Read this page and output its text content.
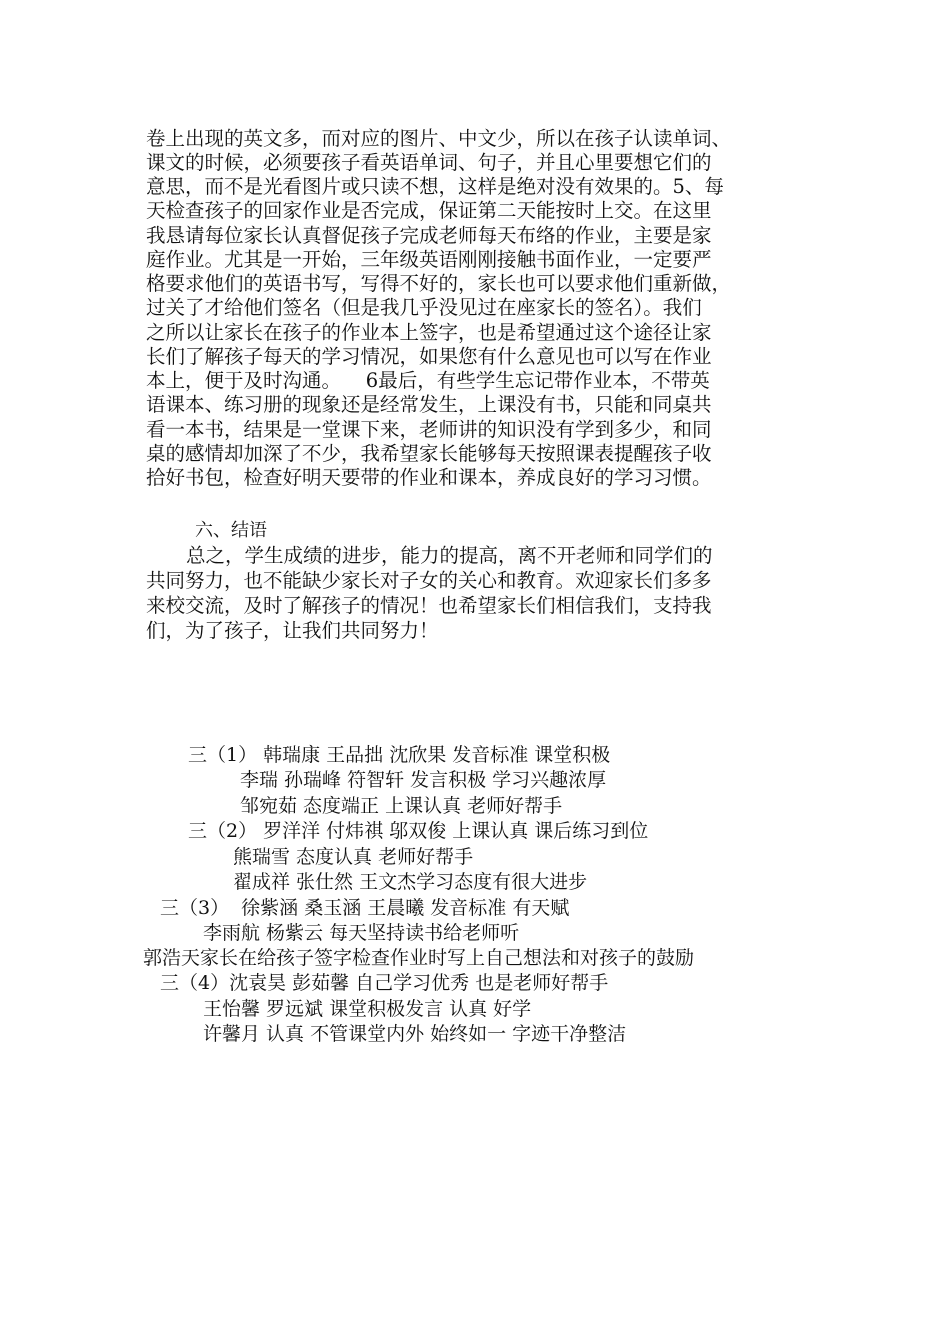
卷上出现的英文多，而对应的图片、中文少，所以在孩子认读单词、
课文的时候，必须要孩子看英语单词、句子，并且心里要想它们的
意思，而不是光看图片或只读不想，这样是绝对没有效果的。5、每
天检查孩子的回家作业是否完成，保证第二天能按时上交。在这里
我恳请每位家长认真督促孩子完成老师每天布络的作业，主要是家
庭作业。尤其是一开始，三年级英语刚刚接触书面作业，一定要严
格要求他们的英语书写，写得不好的，家长也可以要求他们重新做，
过关了才给他们签名（但是我几乎没见过在座家长的签名）。我们
之所以让家长在孩子的作业本上签字，也是希望通过这个途径让家
长们了解孩子每天的学习情况，如果您有什么意见也可以写在作业
本上，便于及时沟通。    6最后，有些学生忘记带作业本，不带英
语课本、练习册的现象还是经常发生，上课没有书，只能和同桌共
看一本书，结果是一堂课下来，老师讲的知识没有学到多少，和同
桌的感情却加深了不少，我希望家长能够每天按照课表提醒孩子收
拾好书包，检查好明天要带的作业和课本，养成良好的学习习惯。
六、结语
总之，学生成绩的进步，能力的提高，离不开老师和同学们的
共同努力，也不能缺少家长对子女的关心和教育。欢迎家长们多多
来校交流，及时了解孩子的情况！也希望家长们相信我们，支持我
们，为了孩子，让我们共同努力！
三（1） 韩瑞康 王品拙 沈欣果 发音标准 课堂积极
李瑞 孙瑞峰 符智轩 发言积极 学习兴趣浓厚
邹宛茹 态度端正 上课认真 老师好帮手
三（2） 罗洋洋 付炜祺 邬双俊 上课认真 课后练习到位
熊瑞雪 态度认真 老师好帮手
翟成祥 张仕然 王文杰学习态度有很大进步
三（3）  徐紫涵 桑玉涵 王晨曦 发音标准 有天赋
李雨航 杨紫云 每天坚持读书给老师听
郭浩天家长在给孩子签字检查作业时写上自己想法和对孩子的鼓励
三（4）沈袁昊 彭茹馨 自己学习优秀 也是老师好帮手
王怡馨 罗远斌 课堂积极发言 认真 好学
许馨月 认真 不管课堂内外 始终如一 字迹干净整洁
